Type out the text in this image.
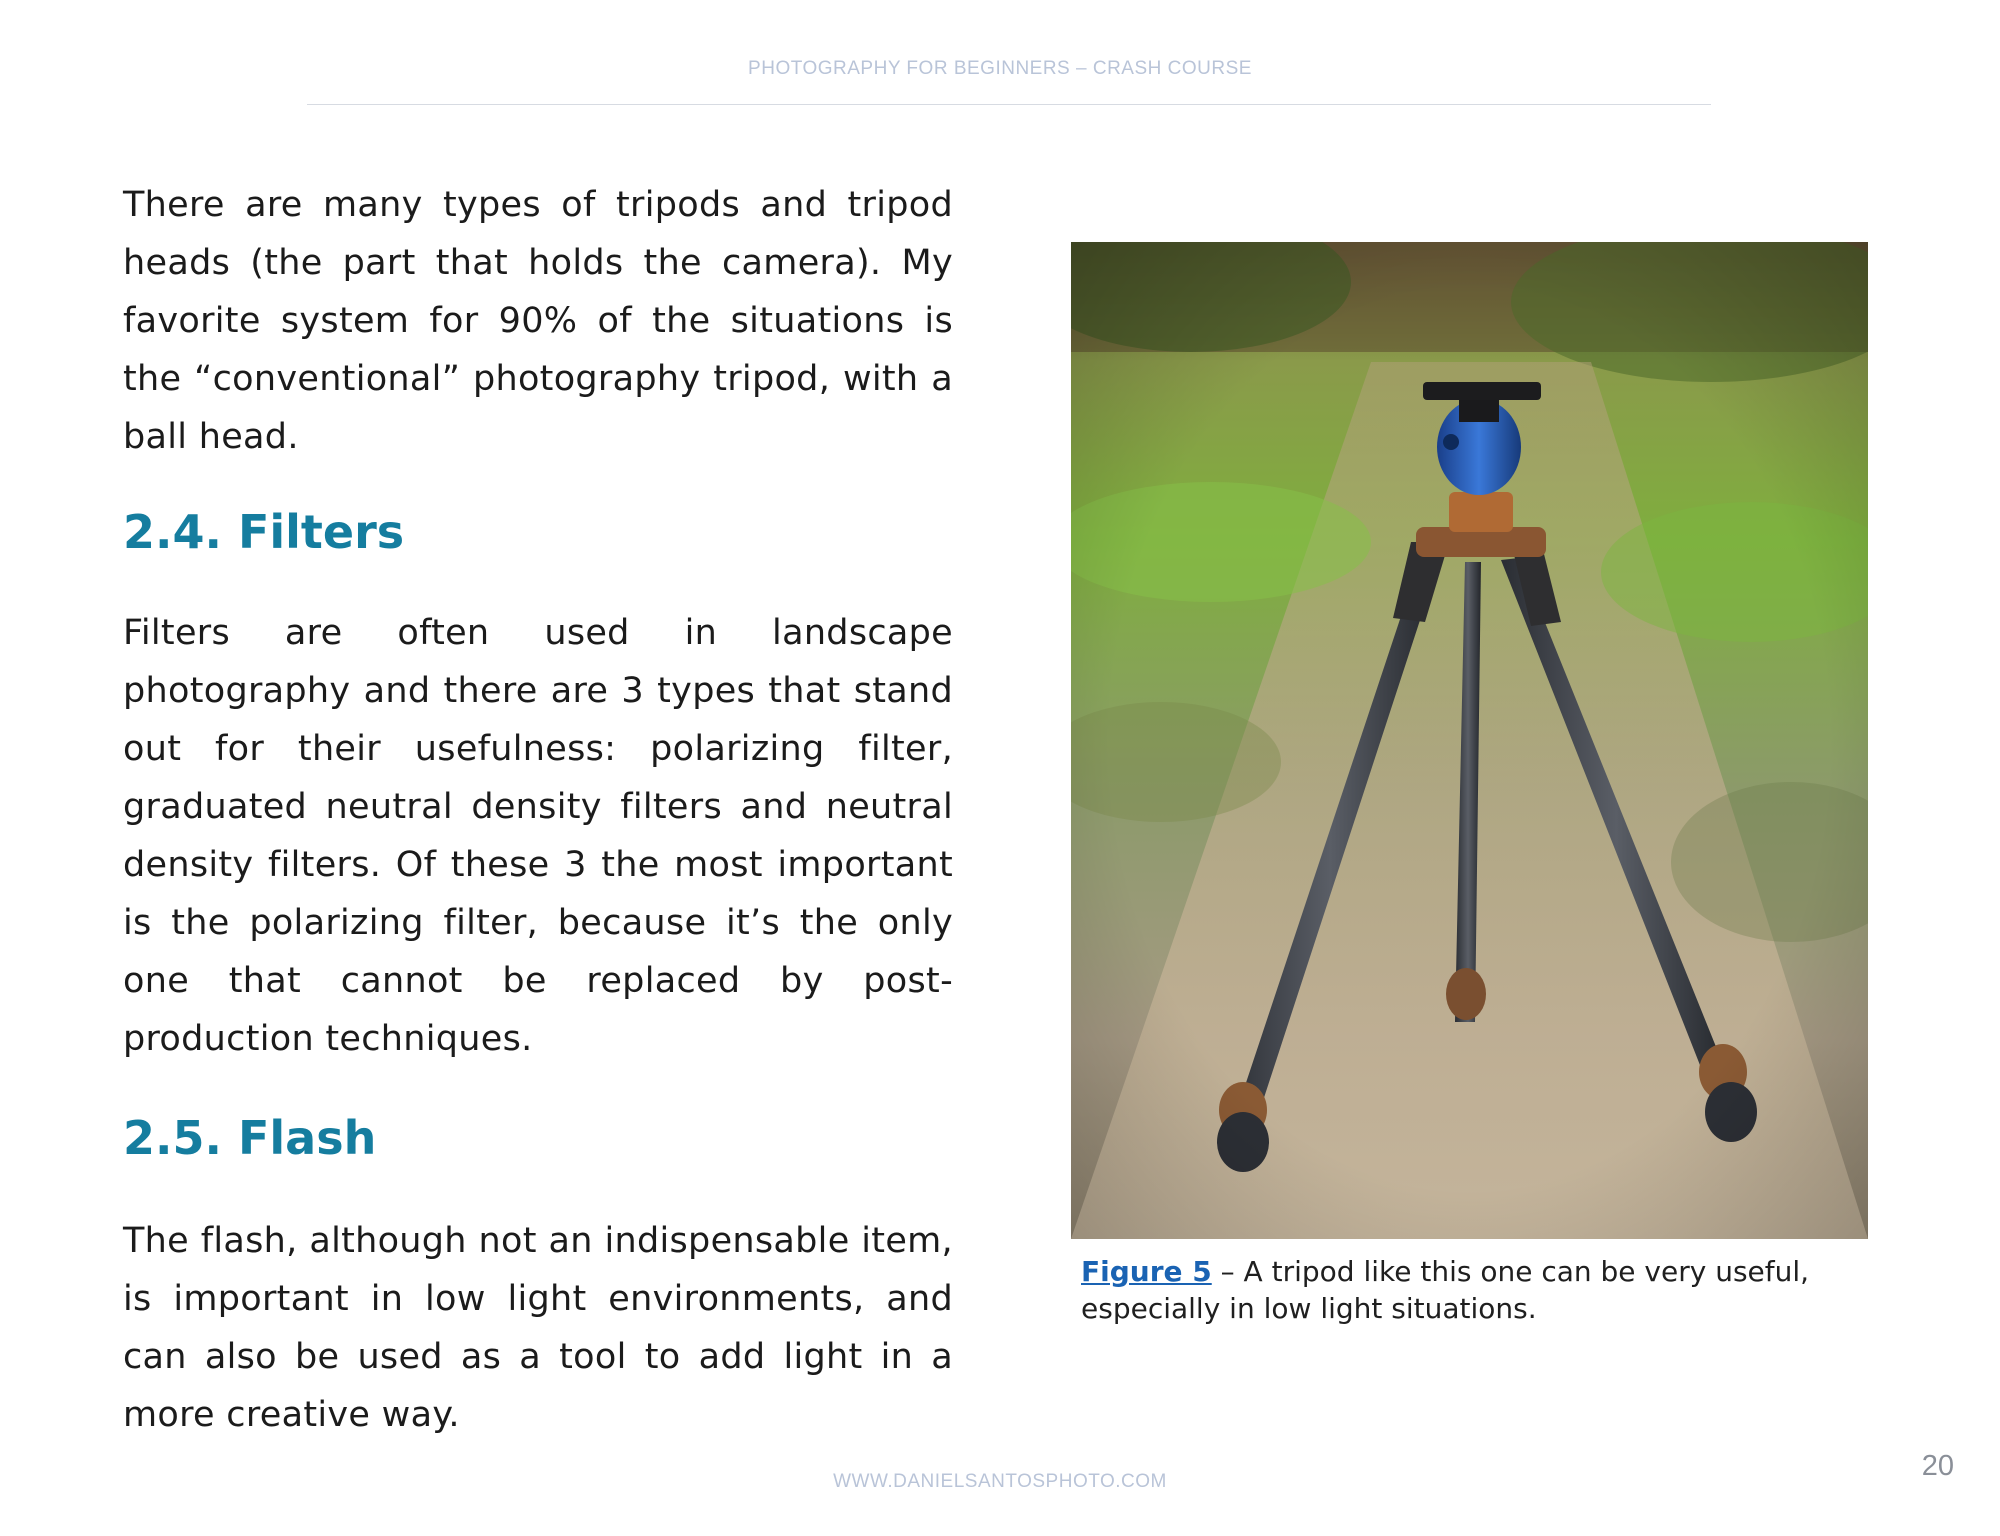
PHOTOGRAPHY FOR BEGINNERS – CRASH COURSE

There are many types of tripods and tripod heads (the part that holds the camera). My favorite system for 90% of the situations is the “conventional” photography tripod, with a ball head.

2.4. Filters

Filters are often used in landscape photography and there are 3 types that stand out for their usefulness: polarizing filter, graduated neutral density filters and neutral density filters. Of these 3 the most important is the polarizing filter, because it’s the only one that cannot be replaced by post-production techniques.

2.5. Flash

The flash, although not an indispensable item, is important in low light environments, and can also be used as a tool to add light in a more creative way.

Figure 5 – A tripod like this one can be very useful, especially in low light situations.
WWW.DANIELSANTOSPHOTO.COM	20
